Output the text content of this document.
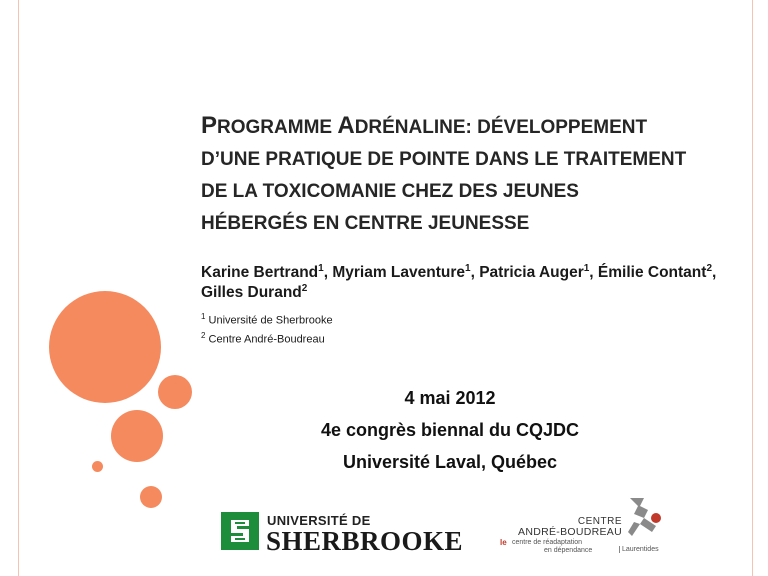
PROGRAMME ADRÉNALINE: DÉVELOPPEMENT
D’UNE PRATIQUE DE POINTE DANS LE TRAITEMENT
DE LA TOXICOMANIE CHEZ DES JEUNES
HÉBERGÉS EN CENTRE JEUNESSE
Karine Bertrand$^1$, Myriam Laventure$^1$, Patricia Auger$^1$, Émilie Contant$^2$, Gilles Durand$^2$
$^1$ Université de Sherbrooke
$^2$ Centre André-Boudreau
4 mai 2012
4e congrès biennal du CQJDC
Université Laval, Québec
UNIVERSITÉ DE
SHERBROOKE
CENTRE
ANDRÉ-BOUDREAU
le centre de réadaptation
en dépendance	Laurentides
